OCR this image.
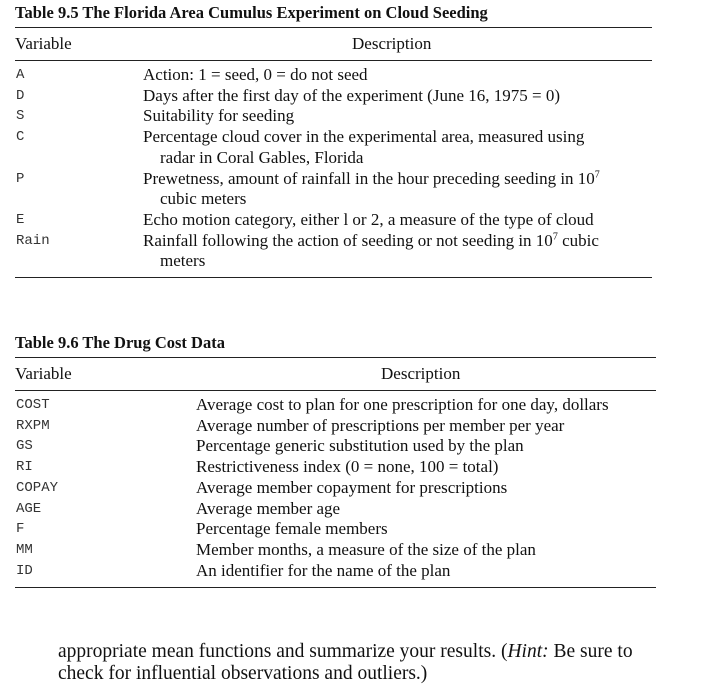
Table 9.5 The Florida Area Cumulus Experiment on Cloud Seeding
Variable	Description
A	Action: 1 = seed, 0 = do not seed
D	Days after the first day of the experiment (June 16, 1975 = 0)
S	Suitability for seeding
C	Percentage cloud cover in the experimental area, measured using
radar in Coral Gables, Florida
P	Prewetness, amount of rainfall in the hour preceding seeding in $10^7$
cubic meters
E	Echo motion category, either l or 2, a measure of the type of cloud
Rain	Rainfall following the action of seeding or not seeding in $10^7$ cubic
meters
Table 9.6 The Drug Cost Data
Variable	Description
COST	Average cost to plan for one prescription for one day, dollars
RXPM	Average number of prescriptions per member per year
GS	Percentage generic substitution used by the plan
RI	Restrictiveness index (0 = none, 100 = total)
COPAY	Average member copayment for prescriptions
AGE	Average member age
F	Percentage female members
MM	Member months, a measure of the size of the plan
ID	An identifier for the name of the plan
appropriate mean functions and summarize your results. (Hint: Be sure to check for influential observations and outliers.)
